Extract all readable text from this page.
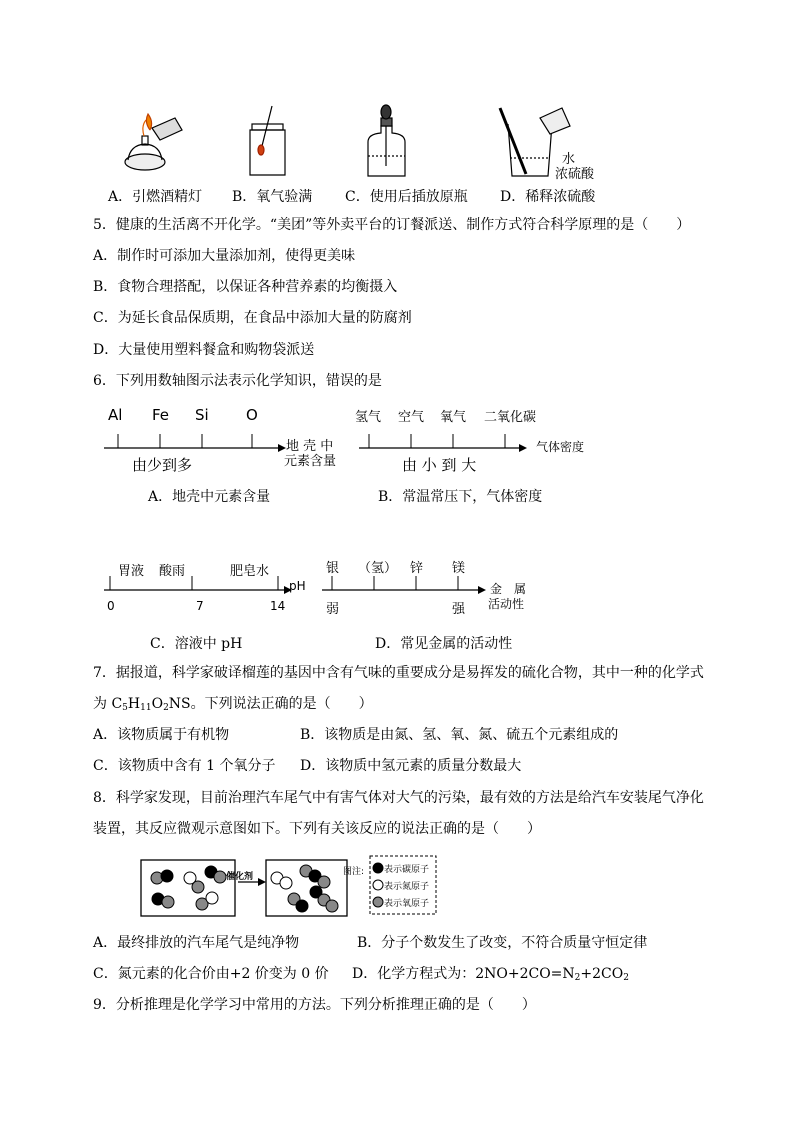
水
浓硫酸
A．引燃酒精灯 B．氧气验满 C．使用后插放原瓶 D．稀释浓硫酸
5．健康的生活离不开化学。“美团”等外卖平台的订餐派送、制作方式符合科学原理的是（　　）
A．制作时可添加大量添加剂，使得更美味
B．食物合理搭配，以保证各种营养素的均衡摄入
C．为延长食品保质期，在食品中添加大量的防腐剂
D．大量使用塑料餐盒和购物袋派送
6．下列用数轴图示法表示化学知识，错误的是
Al Fe Si O
地 壳 中
元素含量
由少到多
A．地壳中元素含量
氢气 空气 氧气 二氧化碳
气体密度
由 小 到 大
B．常温常压下，气体密度
胃液 酸雨	肥皂水
pH
0	7	14
C．溶液中 pH
银 （氢） 锌 镁
金　属
活动性
弱	强
D．常见金属的活动性
7．据报道，科学家破译榴莲的基因中含有气味的重要成分是易挥发的硫化合物，其中一种的化学式
为 $C_5H_{11}O_2NS$。下列说法正确的是（　　）
A．该物质属于有机物	B．该物质是由氮、氢、氧、氮、硫五个元素组成的
C．该物质中含有 1 个氧分子 D．该物质中氢元素的质量分数最大
8．科学家发现，目前治理汽车尾气中有害气体对大气的污染，最有效的方法是给汽车安装尾气净化
装置，其反应微观示意图如下。下列有关该反应的说法正确的是（　　）
催化剂	图注: 表示碳原子
表示氮原子
表示氧原子
A．最终排放的汽车尾气是纯净物	B．分子个数发生了改变，不符合质量守恒定律
C．氮元素的化合价由+2 价变为 0 价 D．化学方程式为：$2NO+2CO=N_2+2CO_2$
9．分析推理是化学学习中常用的方法。下列分析推理正确的是（　　）
